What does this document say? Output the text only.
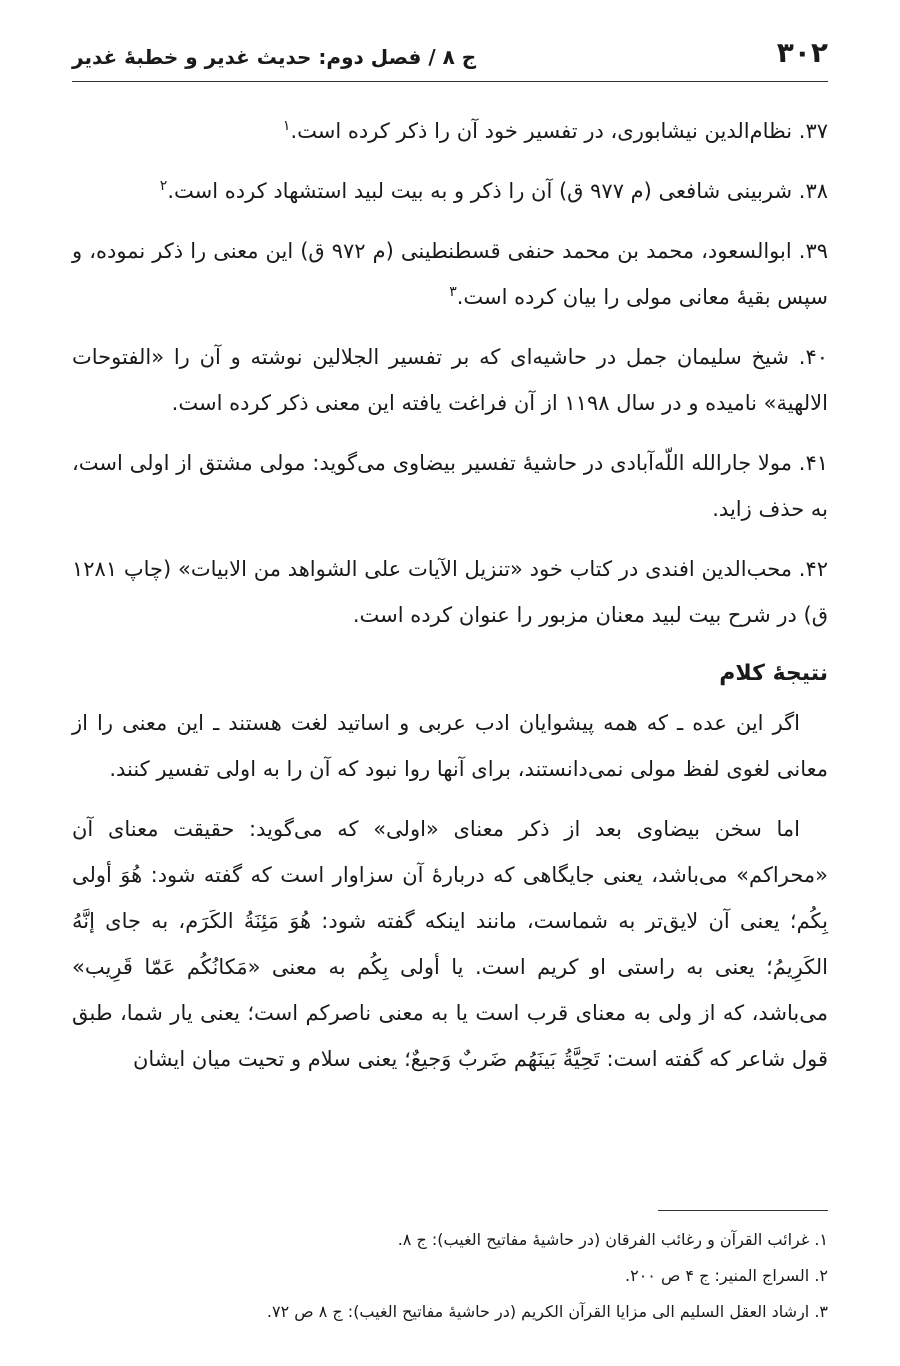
۳۰۲
ج ۸ / فصل دوم: حدیث غدیر و خطبهٔ غدیر

۳۷. نظام‌الدین نیشابوری، در تفسیر خود آن را ذکر کرده است.$^۱$

۳۸. شربینی شافعی (م ۹۷۷ ق) آن را ذکر و به بیت لبید استشهاد کرده است.$^۲$

۳۹. ابوالسعود، محمد بن محمد حنفی قسطنطینی (م ۹۷۲ ق) این معنی را ذکر نموده، و سپس بقیهٔ معانی مولی را بیان کرده است.$^۳$

۴۰. شیخ سلیمان جمل در حاشیه‌ای که بر تفسیر الجلالین نوشته و آن را «الفتوحات الالهیة» نامیده و در سال ۱۱۹۸ از آن فراغت یافته این معنی ذکر کرده است.

۴۱. مولا جارالله اللّه‌آبادی در حاشیهٔ تفسیر بیضاوی می‌گوید: مولی مشتق از اولی است، به حذف زاید.

۴۲. محب‌الدین افندی در کتاب خود «تنزیل الآیات علی الشواهد من الابیات» (چاپ ۱۲۸۱ ق) در شرح بیت لبید معنان مزبور را عنوان کرده است.

نتیجهٔ کلام

اگر این عده ـ که همه پیشوایان ادب عربی و اساتید لغت هستند ـ این معنی را از معانی لغوی لفظ مولی نمی‌دانستند، برای آنها روا نبود که آن را به اولی تفسیر کنند.

اما سخن بیضاوی بعد از ذکر معنای «اولی» که می‌گوید: حقیقت معنای آن «محراکم» می‌باشد، یعنی جایگاهی که دربارهٔ آن سزاوار است که گفته شود: هُوَ أولی بِکُم؛ یعنی آن لایق‌تر به شماست، مانند اینکه گفته شود: هُوَ مَئِنَةُ الکَرَم، به جای إنَّهُ الکَرِیمُ؛ یعنی به راستی او کریم است. یا أولی بِکُم به معنی «مَکانُکُم عَمّا قَرِیب» می‌باشد، که از ولی به معنای قرب است یا به معنی ناصرکم است؛ یعنی یار شما، طبق قول شاعر که گفته است: تَحِیَّةُ بَینَهُم ضَربٌ وَجیعٌ؛ یعنی سلام و تحیت میان ایشان

۱. غرائب القرآن و رغائب الفرقان (در حاشیهٔ مفاتیح الغیب): ج ۸.

۲. السراج المنیر: ج ۴ ص ۲۰۰.

۳. ارشاد العقل السلیم الی مزایا القرآن الکریم (در حاشیهٔ مفاتیح الغیب): ج ۸ ص ۷۲.
